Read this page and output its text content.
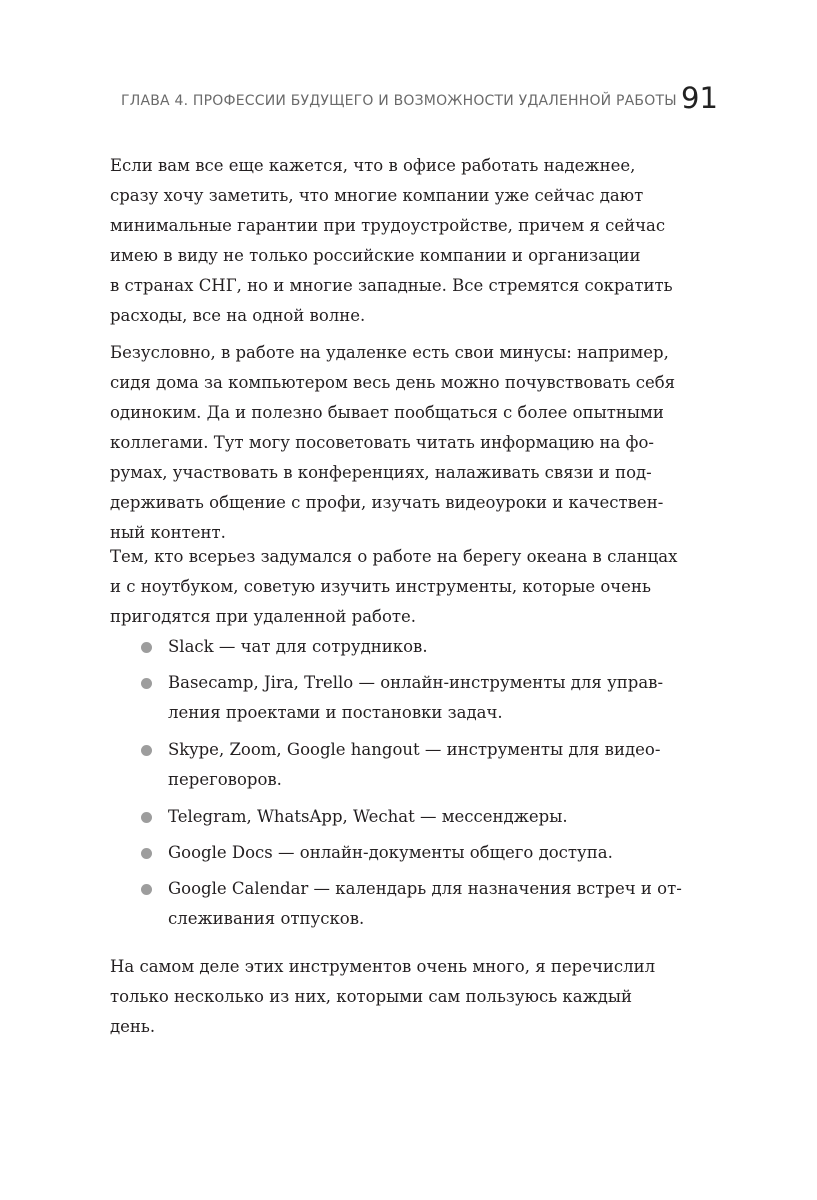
ГЛАВА 4. ПРОФЕССИИ БУДУЩЕГО И ВОЗМОЖНОСТИ УДАЛЕННОЙ РАБОТЫ 91
Если вам все еще кажется, что в офисе работать надежнее,
сразу хочу заметить, что многие компании уже сейчас дают
минимальные гарантии при трудоустройстве, причем я сейчас
имею в виду не только российские компании и организации
в странах СНГ, но и многие западные. Все стремятся сократить
расходы, все на одной волне.
Безусловно, в работе на удаленке есть свои минусы: например,
сидя дома за компьютером весь день можно почувствовать себя
одиноким. Да и полезно бывает пообщаться с более опытными
коллегами. Тут могу посоветовать читать информацию на фо-
румах, участвовать в конференциях, налаживать связи и под-
держивать общение с профи, изучать видеоуроки и качествен-
ный контент.
Тем, кто всерьез задумался о работе на берегу океана в сланцах
и с ноутбуком, советую изучить инструменты, которые очень
пригодятся при удаленной работе.
Slack — чат для сотрудников.
Basecamp, Jira, Trello — онлайн-инструменты для управ-
ления проектами и постановки задач.
Skype, Zoom, Google hangout — инструменты для видео-
переговоров.
Telegram, WhatsApp, Wechat — мессенджеры.
Google Docs — онлайн-документы общего доступа.
Google Calendar — календарь для назначения встреч и от-
слеживания отпусков.
На самом деле этих инструментов очень много, я перечислил
только несколько из них, которыми сам пользуюсь каждый
день.
